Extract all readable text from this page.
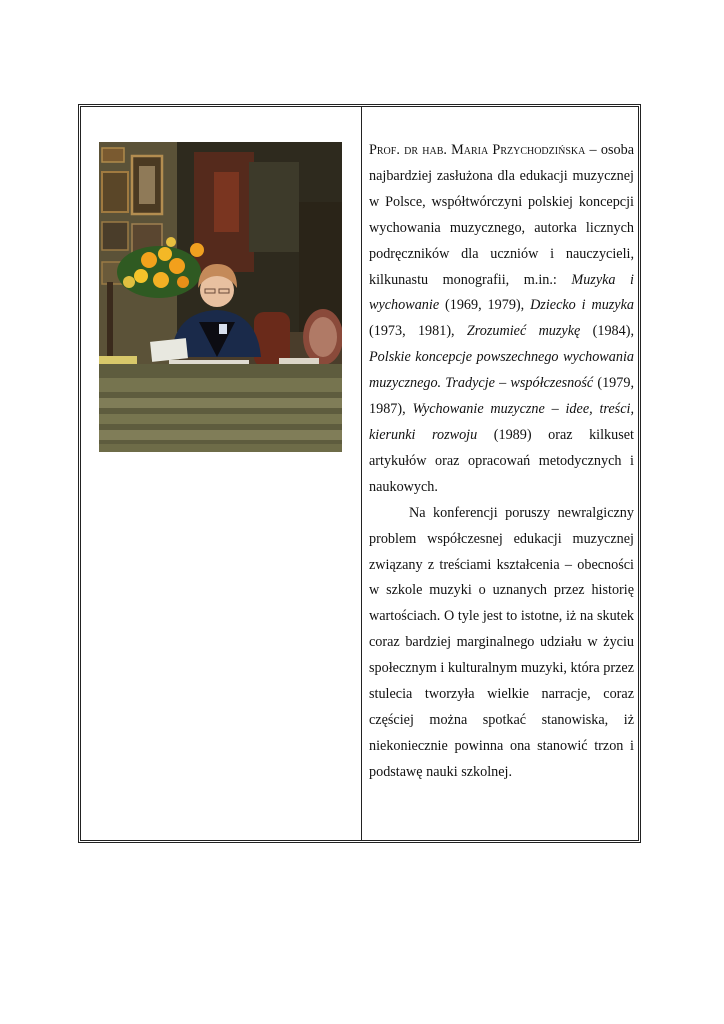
Prof. dr hab. Maria Przychodzińska – osoba najbardziej zasłużona dla edukacji muzycznej w Polsce, współtwórczyni polskiej koncepcji wychowania muzycznego, autorka licznych podręczników dla uczniów i nauczycieli, kilkunastu monografii, m.in.: Muzyka i wychowanie (1969, 1979), Dziecko i muzyka (1973, 1981), Zrozumieć muzykę (1984), Polskie koncepcje powszechnego wychowania muzycznego. Tradycje – współczesność (1979, 1987), Wychowanie muzyczne – idee, treści, kierunki rozwoju (1989) oraz kilkuset artykułów oraz opracowań metodycznych i naukowych.

Na konferencji poruszy newralgiczny problem współczesnej edukacji muzycznej związany z treściami kształcenia – obecności w szkole muzyki o uznanych przez historię wartościach. O tyle jest to istotne, iż na skutek coraz bardziej marginalnego udziału w życiu społecznym i kulturalnym muzyki, która przez stulecia tworzyła wielkie narracje, coraz częściej można spotkać stanowiska, iż niekoniecznie powinna ona stanowić trzon i podstawę nauki szkolnej.
